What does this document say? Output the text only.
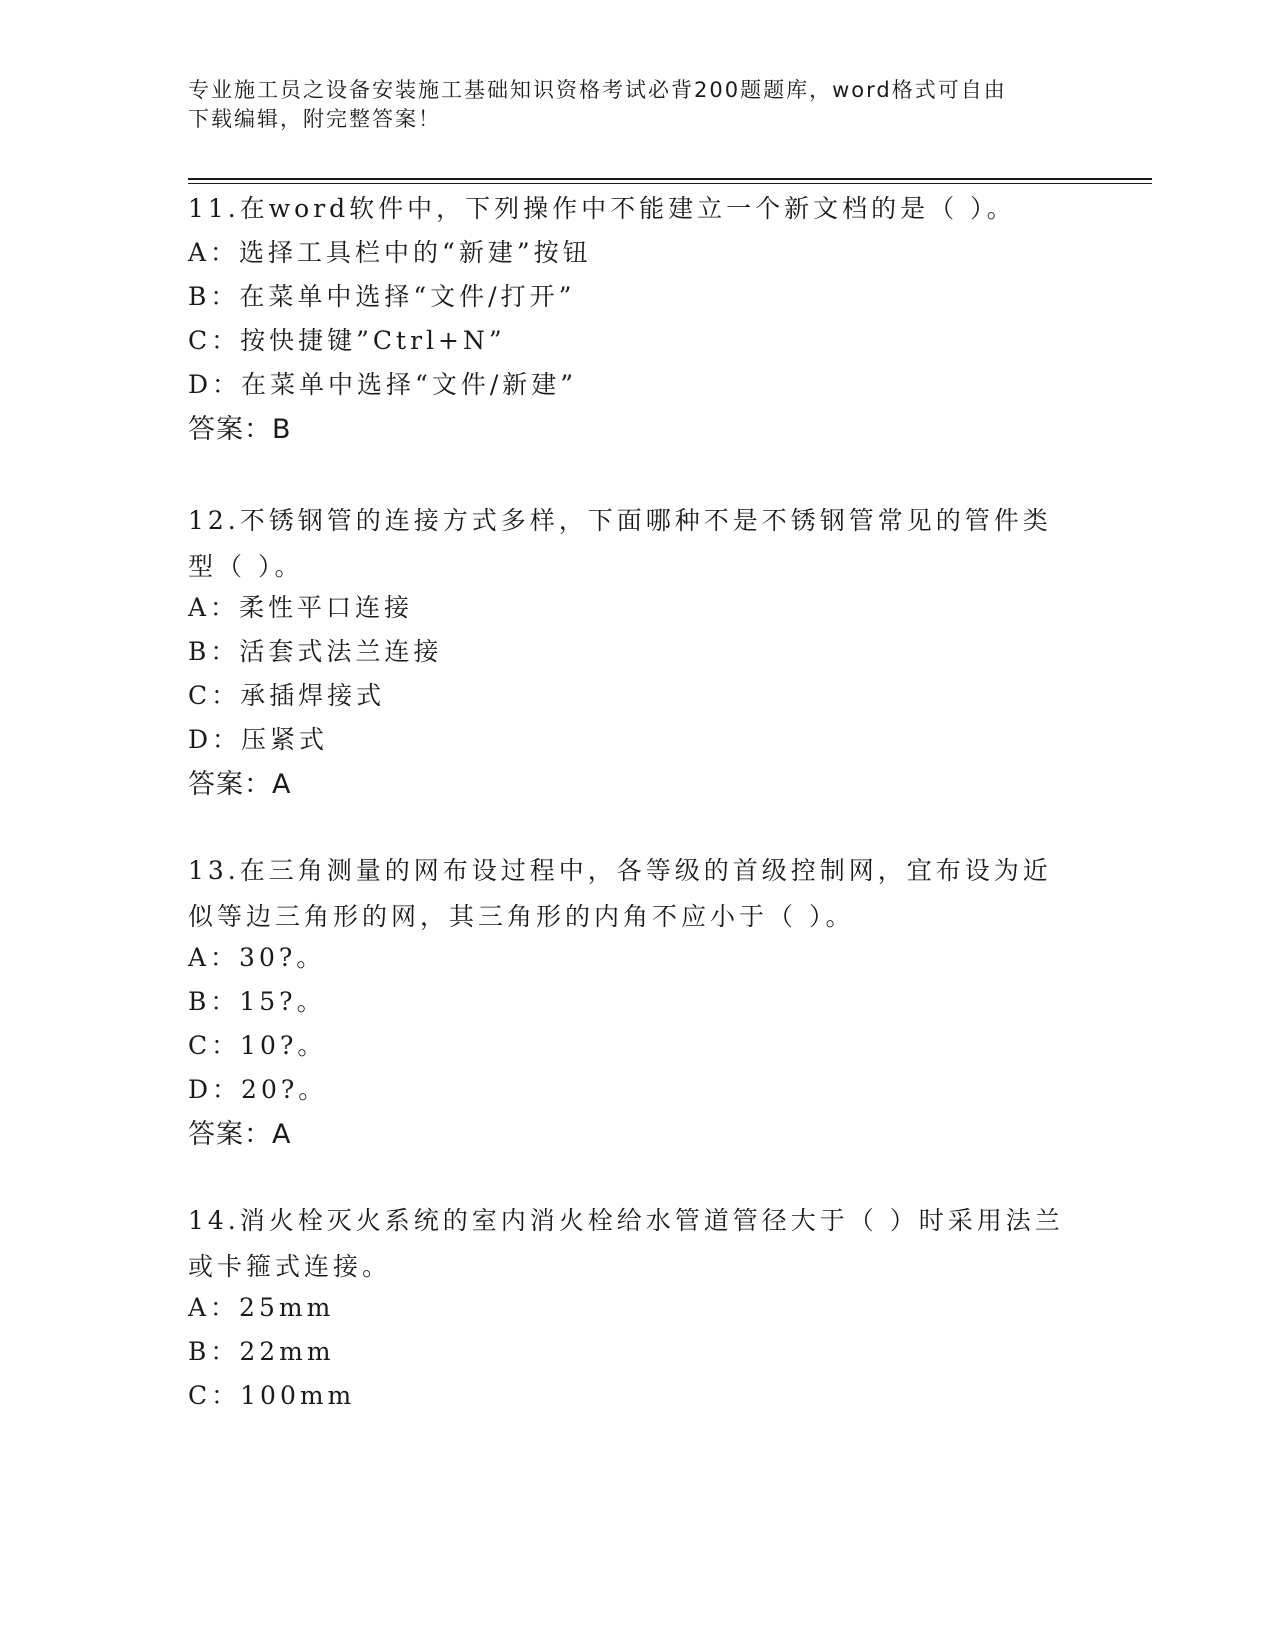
专业施工员之设备安装施工基础知识资格考试必背200题题库，word格式可自由
下载编辑，附完整答案！
11.在word软件中，下列操作中不能建立一个新文档的是（ ）。
A：选择工具栏中的“新建”按钮
B：在菜单中选择“文件/打开”
C：按快捷键”Ctrl+N”
D：在菜单中选择“文件/新建”
答案：B
12.不锈钢管的连接方式多样，下面哪种不是不锈钢管常见的管件类型（ ）。
A：柔性平口连接
B：活套式法兰连接
C：承插焊接式
D：压紧式
答案：A
13.在三角测量的网布设过程中，各等级的首级控制网，宜布设为近似等边三角形的网，其三角形的内角不应小于（ ）。
A：30?。
B：15?。
C：10?。
D：20?。
答案：A
14.消火栓灭火系统的室内消火栓给水管道管径大于（ ）时采用法兰或卡箍式连接。
A：25mm
B：22mm
C：100mm
